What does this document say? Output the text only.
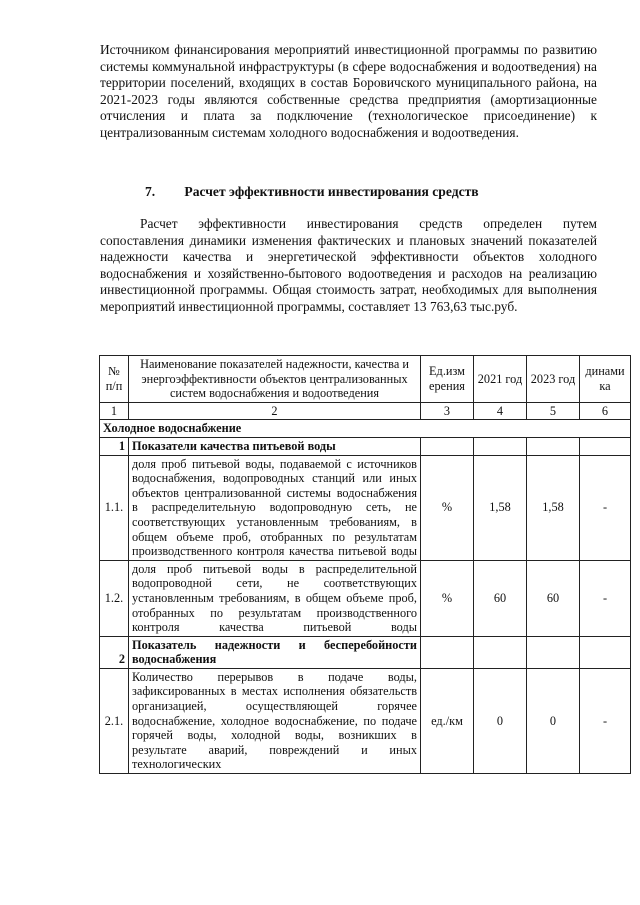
Источником финансирования мероприятий инвестиционной программы по развитию системы коммунальной инфраструктуры (в сфере водоснабжения и водоотведения) на территории поселений, входящих в состав Боровичского муниципального района, на 2021-2023 годы являются собственные средства предприятия (амортизационные отчисления и плата за подключение (технологическое присоединение) к централизованным системам холодного водоснабжения и водоотведения.
7. Расчет эффективности инвестирования средств
Расчет эффективности инвестирования средств определен путем сопоставления динамики изменения фактических и плановых значений показателей надежности качества и энергетической эффективности объектов холодного водоснабжения и хозяйственно-бытового водоотведения и расходов на реализацию инвестиционной программы. Общая стоимость затрат, необходимых для выполнения мероприятий инвестиционной программы, составляет 13 763,63 тыс.руб.
№ п/п	Наименование показателей надежности, качества и энергоэффективности объектов централизованных систем водоснабжения и водоотведения	Ед.изм ерения	2021 год	2023 год	динами ка
1	2	3	4	5	6
Холодное водоснабжение					
1	Показатели качества питьевой воды				
1.1.	доля проб питьевой воды, подаваемой с источников водоснабжения, водопроводных станций или иных объектов централизованной системы водоснабжения в распределительную водопроводную сеть, не соответствующих установленным требованиям, в общем объеме проб, отобранных по результатам производственного контроля качества питьевой воды	%	1,58	1,58	-
1.2.	доля проб питьевой воды в распределительной водопроводной сети, не соответствующих установленным требованиям, в общем объеме проб, отобранных по результатам производственного контроля качества питьевой воды	%	60	60	-
2	Показатель надежности и бесперебойности водоснабжения				
2.1.	Количество перерывов в подаче воды, зафиксированных в местах исполнения обязательств организацией, осуществляющей горячее водоснабжение, холодное водоснабжение, по подаче горячей воды, холодной воды, возникших в результате аварий, повреждений и иных технологических	ед./км	0	0	-
